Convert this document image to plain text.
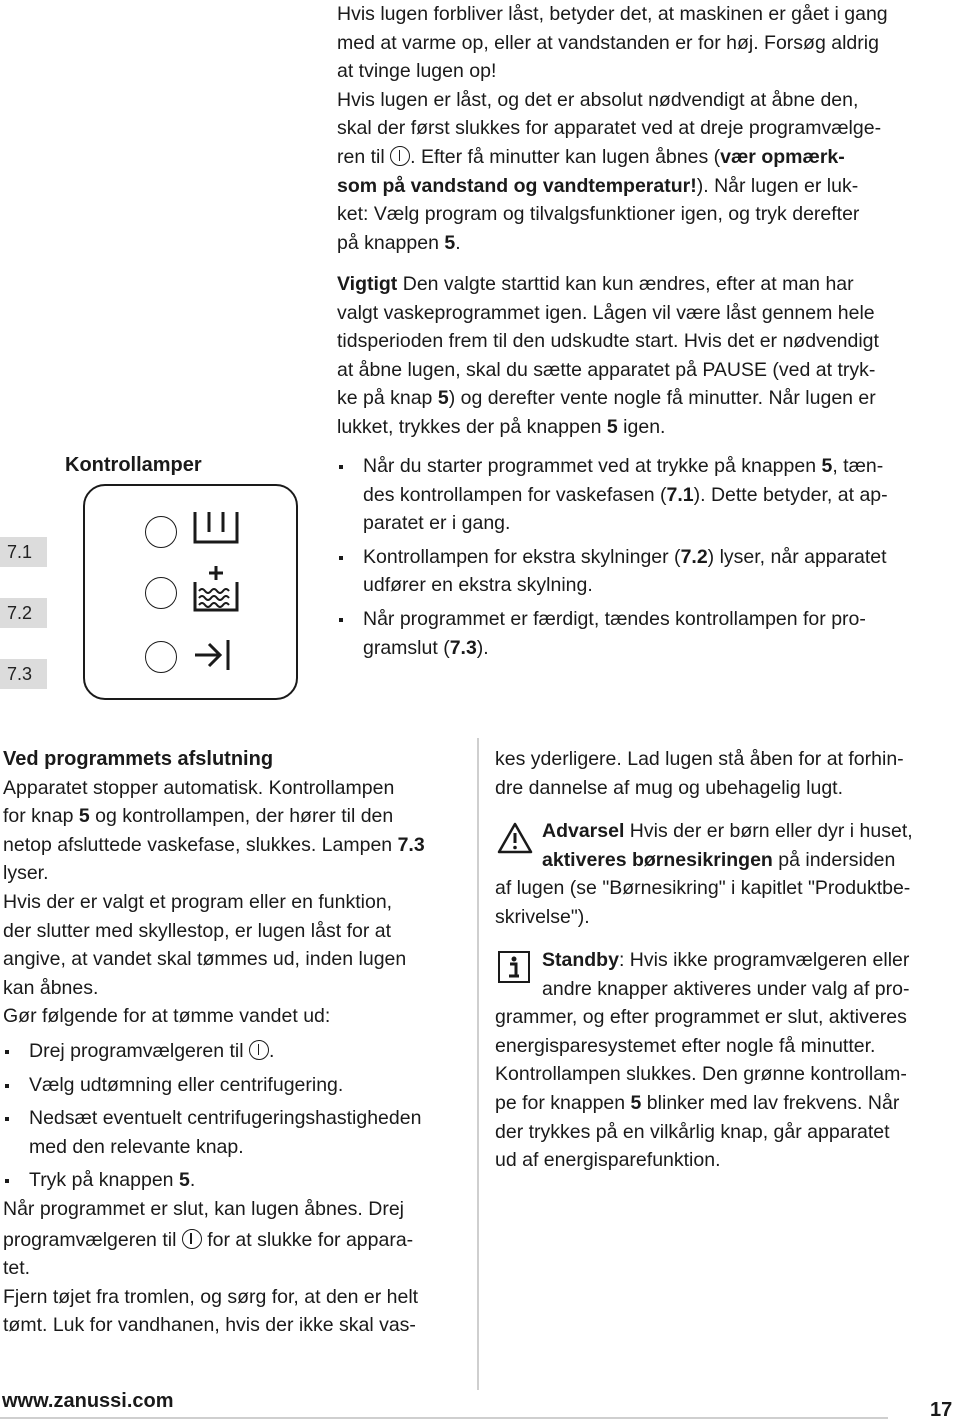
Hvis lugen forbliver låst, betyder det, at maskinen er gået i gang

med at varme op, eller at vandstanden er for høj. Forsøg aldrig

at tvinge lugen op!

Hvis lugen er låst, og det er absolut nødvendigt at åbne den,

skal der først slukkes for apparatet ved at dreje programvælge-

ren til . Efter få minutter kan lugen åbnes (vær opmærk-

som på vandstand og vandtemperatur!). Når lugen er luk-

ket: Vælg program og tilvalgsfunktioner igen, og tryk derefter

på knappen 5.

Vigtigt Den valgte starttid kan kun ændres, efter at man har

valgt vaskeprogrammet igen. Lågen vil være låst gennem hele

tidsperioden frem til den udskudte start. Hvis det er nødvendigt

at åbne lugen, skal du sætte apparatet på PAUSE (ved at tryk-

ke på knap 5) og derefter vente nogle få minutter. Når lugen er

lukket, trykkes der på knappen 5 igen.

Kontrollamper
7.1
7.2
7.3

Når du starter programmet ved at trykke på knappen 5, tæn-

des kontrollampen for vaskefasen (7.1). Dette betyder, at ap-

paratet er i gang.

Kontrollampen for ekstra skylninger (7.2) lyser, når apparatet

udfører en ekstra skylning.

Når programmet er færdigt, tændes kontrollampen for pro-

gramslut (7.3).

Ved programmets afslutning

Apparatet stopper automatisk. Kontrollampen

for knap 5 og kontrollampen, der hører til den

netop afsluttede vaskefase, slukkes. Lampen 7.3

lyser.

Hvis der er valgt et program eller en funktion,

der slutter med skyllestop, er lugen låst for at

angive, at vandet skal tømmes ud, inden lugen

kan åbnes.

Gør følgende for at tømme vandet ud:

Drej programvælgeren til .

Vælg udtømning eller centrifugering.

Nedsæt eventuelt centrifugeringshastigheden

med den relevante knap.

Tryk på knappen 5.

Når programmet er slut, kan lugen åbnes. Drej

programvælgeren til  for at slukke for appara-

tet.

Fjern tøjet fra tromlen, og sørg for, at den er helt

tømt. Luk for vandhanen, hvis der ikke skal vas-

kes yderligere. Lad lugen stå åben for at forhin-

dre dannelse af mug og ubehagelig lugt.

Advarsel Hvis der er børn eller dyr i huset,

aktiveres børnesikringen på indersiden

af lugen (se "Børnesikring" i kapitlet "Produktbe-

skrivelse").

Standby: Hvis ikke programvælgeren eller

andre knapper aktiveres under valg af pro-

grammer, og efter programmet er slut, aktiveres

energisparesystemet efter nogle få minutter.

Kontrollampen slukkes. Den grønne kontrollam-

pe for knappen 5 blinker med lav frekvens. Når

der trykkes på en vilkårlig knap, går apparatet

ud af energisparefunktion.

www.zanussi.com	17
